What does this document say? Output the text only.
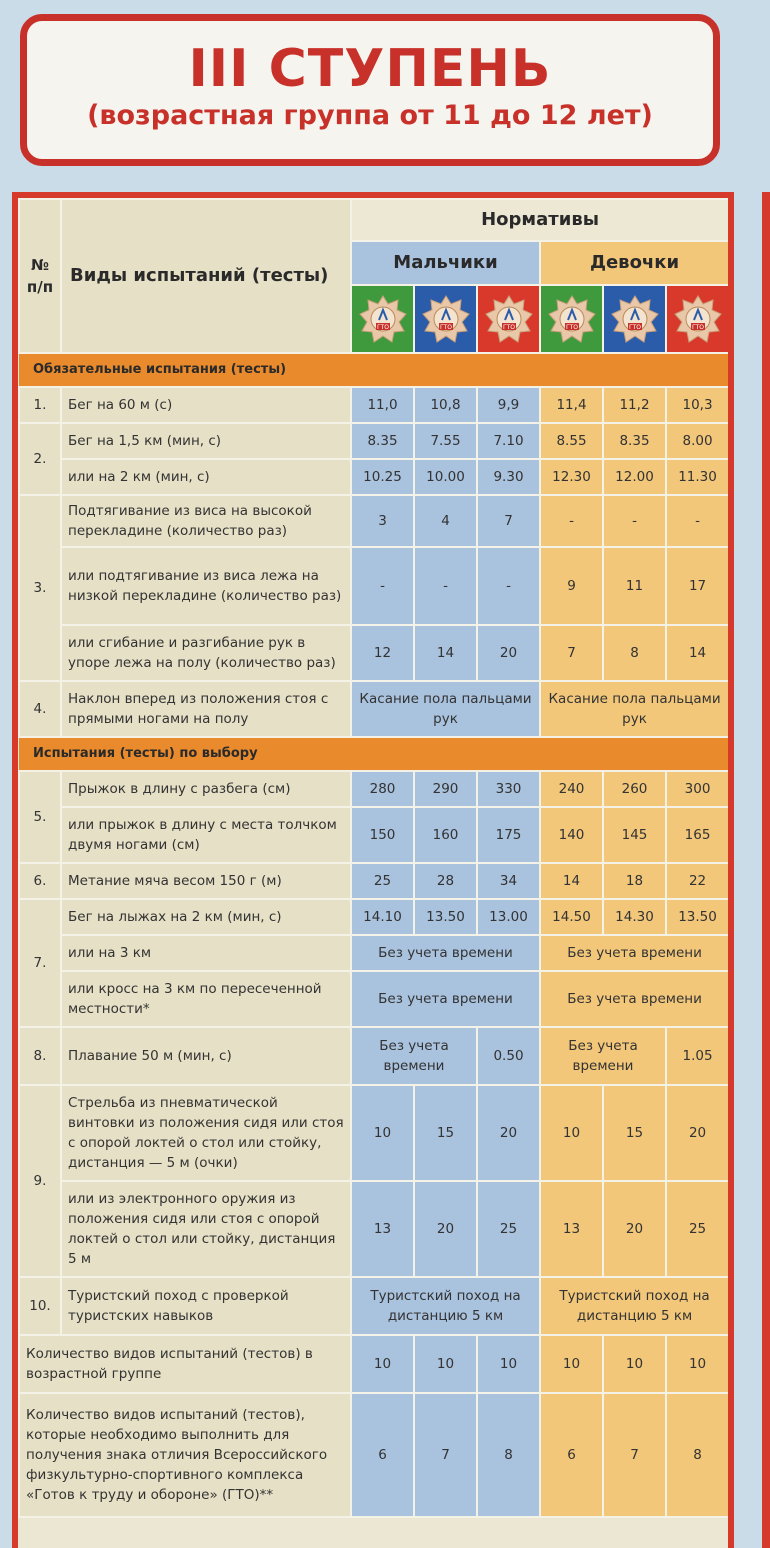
III СТУПЕНЬ
(возрастная группа от 11 до 12 лет)
№
п/п	Виды испытаний (тесты)	Нормативы					
		Мальчики			Девочки		

ГТО	ГТО	ГТО	ГТО	ГТО	ГТО

Обязательные испытания (тесты)							
1.	Бег на 60 м (с)	11,0	10,8	9,9	11,4	11,2	10,3
2.	Бег на 1,5 км (мин, с)	8.35	7.55	7.10	8.55	8.35	8.00
	или на 2 км (мин, с)	10.25	10.00	9.30	12.30	12.00	11.30
3.	Подтягивание из виса на высокой перекладине (количество раз)	3	4	7	-	-	-
	или подтягивание из виса лежа на низкой перекладине (количество раз)	-	-	-	9	11	17
	или сгибание и разгибание рук в упоре лежа на полу (количество раз)	12	14	20	7	8	14
4.	Наклон вперед из положения стоя с прямыми ногами на полу	Касание пола пальцами рук			Касание пола пальцами рук		
Испытания (тесты) по выбору							
5.	Прыжок в длину с разбега (см)	280	290	330	240	260	300
	или прыжок в длину с места толчком двумя ногами (см)	150	160	175	140	145	165
6.	Метание мяча весом 150 г (м)	25	28	34	14	18	22
7.	Бег на лыжах на 2 км (мин, с)	14.10	13.50	13.00	14.50	14.30	13.50
	или на 3 км	Без учета времени			Без учета времени		
	или кросс на 3 км по пересеченной местности*	Без учета времени			Без учета времени		
8.	Плавание 50 м (мин, с)	Без учета времени		0.50	Без учета времени		1.05
9.	Стрельба из пневматической винтовки из положения сидя или стоя с опорой локтей о стол или стойку, дистанция — 5 м (очки)	10	15	20	10	15	20
	или из электронного оружия из положения сидя или стоя с опорой локтей о стол или стойку, дистанция 5 м	13	20	25	13	20	25
10.	Туристский поход с проверкой туристских навыков	Туристский поход на дистанцию 5 км			Туристский поход на дистанцию 5 км		
Количество видов испытаний (тестов) в возрастной группе		10	10	10	10	10	10
Количество видов испытаний (тестов), которые необходимо выполнить для получения знака отличия Всероссийского физкультурно-спортивного комплекса «Готов к труду и обороне» (ГТО)**		6	7	8	6	7	8
